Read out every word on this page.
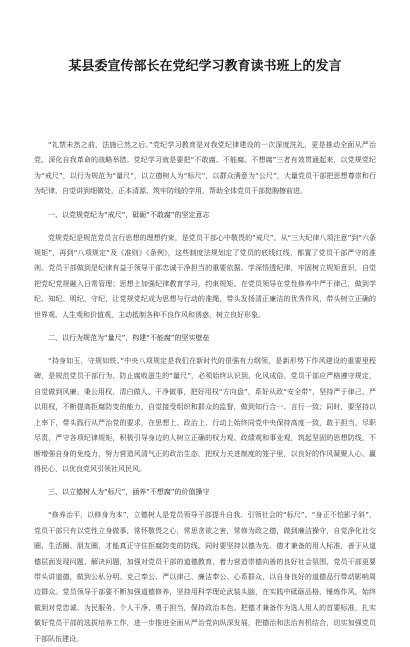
某县委宣传部长在党纪学习教育读书班上的发言

“礼禁未然之前，法施已然之后。”党纪学习教育是对我党纪律建设的一次深度洗礼，更是推动全面从严治党、深化自我革命的战略举措。党纪学习就是要把“不敢腐、不能腐、不想腐”三者有效贯通起来，以党规党纪为“戒尺”，以行为规范为“量尺”，以立德树人为“标尺”，以群众满意为“公尺”，大量党员干部把思想尊崇和行为纪律，自觉讲到细微处，正本清源、筑牢防线的学用，帮助全体党员干部挺胸擦前进。

一、以党规党纪为“戒尺”，砥砺“不敢腐”的坚定意志

党规党纪是规范党员言行思想的理想约束，是党员干部心中敬畏的“戒尺”。从“三大纪律八项注意”到“六条规矩”，再到“八项规定”及《准则》《条例》，这些制度法规划定了党员的底线红线，都置了党员干部严守的准则。党员干部做到是纪律有益于领导干部忠诚干净担当的重要依据。学深悟透纪律，牢固树立规矩意识，自觉把党纪党规融入日常管理；思想上加强纪律教育学习，约束规矩。在党员领导在党性修养中严于律己，做到学纪、知纪、明纪、守纪，让党规党纪成为思想与行动的准绳，带头发扬清正廉洁的优秀作风，带头树立正确的世界观、人生观和价值观，主动抵制各种不良作风和诱惑，树立良好形象。

二、以行为规范为“量尺”，构建“不能腐”的坚实壁垒

“持身如玉，守规如铁。”中央八项规定是我们在新时代的很强有力纲领，是新形势下作风建设的重要里程碑，是规范党员干部行为、防止腐败滋生的“量尺”，必须始终认识到、化风成俗。党员干部应严格遵守规定，自觉做到风廉、秉公用权、清白做人、干净做事，把好用权“方向盘”，系好从政“安全带”，坚持严于律己、严以用权，不断提高拒腐防变的能力，自觉接受组织和群众的监督，做到知行合一、言行一致；同时，要坚持以上率下，带头践行从严治党的要求，在思想上、政治上、行动上始终同党中央保持高度一致，敢于担当，尽职尽责，严守各项纪律规矩，积极引导身边的人树立正确的权力观、政绩观和事业观，筑起坚固的思想防线，不断增强自身的免疫力，努力营造风清气正的政治生态，把权力关进制度的笼子里，以良好的作风凝聚人心、赢得民心，以优良党风引领社风民风。

三、以立德树人为“标尺”，涵养“不想腐”的价值操守

“修养治平，以修身为本”，立德树人是党员领导干部提升自我、引领社会的“标尺”。“身正不怕影子斜”，党员干部只有以党性立身做事，常怀敬畏之心，常思贪欲之害，常修为政之德，做到廉洁操守，自觉净化社交圈、生活圈、朋友圈，才能真正守住拒腐防变的防线。同时要坚持以德为先、德才兼备的用人标准，善于从道德层面发现问题、解决问题，加强对党员干部的道德教育，着力营造崇德向善的良好社会氛围，党员干部更要带头讲道德，做到公私分明、克己奉公、严以律己、廉洁奉公、心系群众，以自身良好的道德品行带动影响周边群众。党员领导干部要不断加强道德修养，坚持用科学理论武装头脑，在实践中砥砺品格、锤炼作风，始终做到对党忠诚、为民服务、个人干净、勇于担当，保持政治本色。把德才兼备作为选人用人的首要标准，扎实做好党员干部的选拔培养工作，进一步推进全面从严治党向纵深发展，把德治和法治有机结合，切实加强党员干部队伍建设。
